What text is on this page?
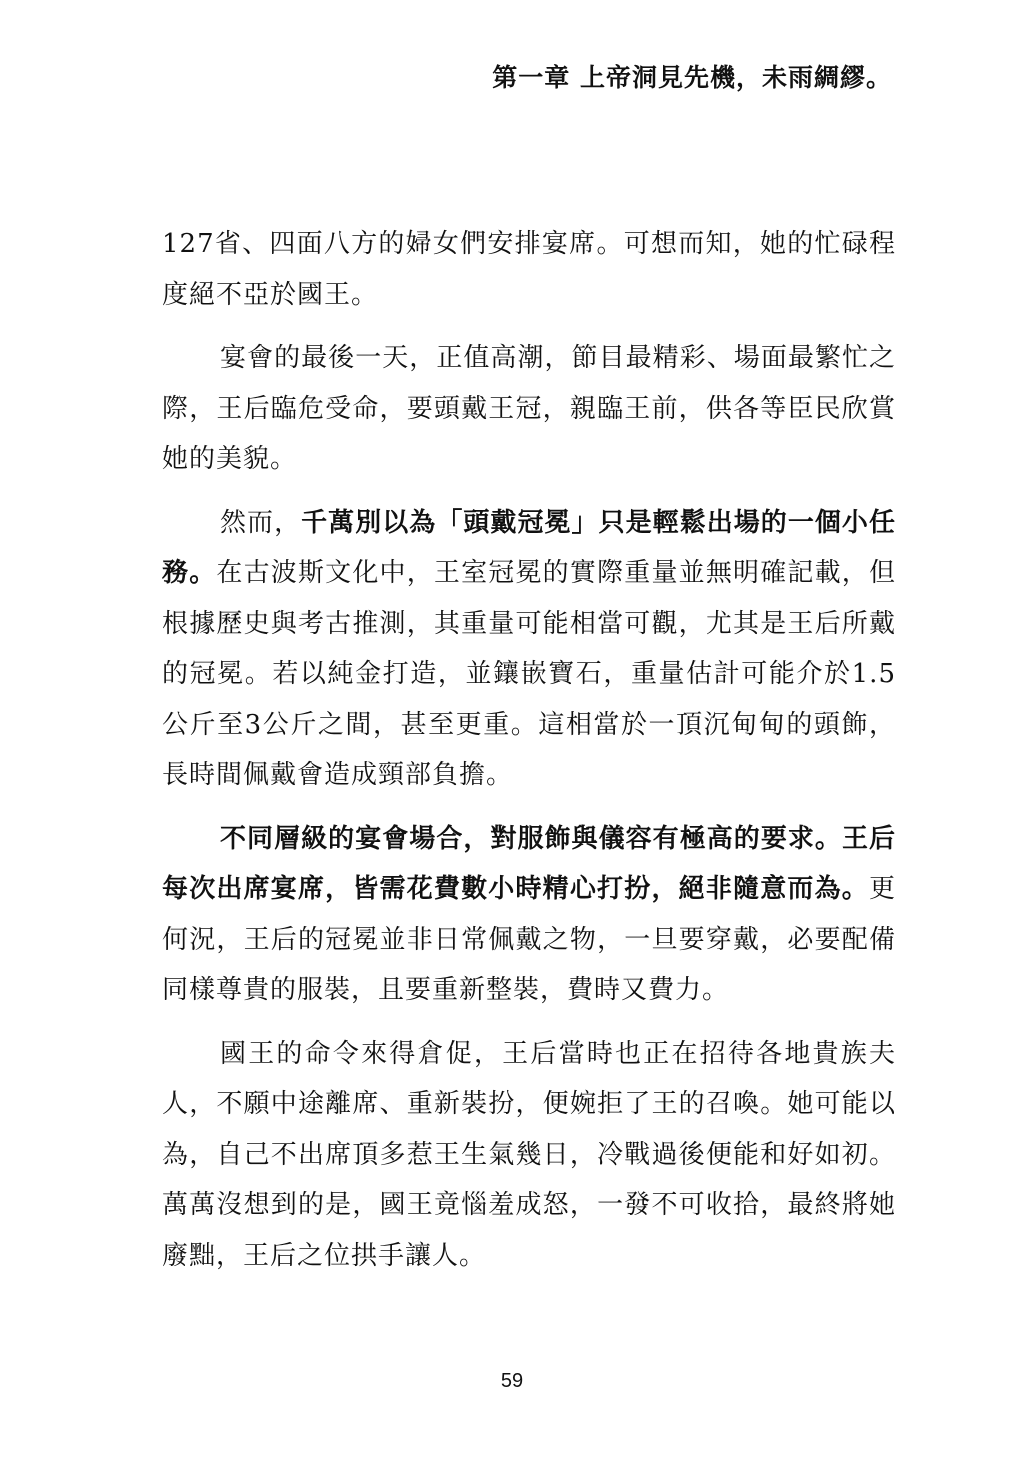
第一章 上帝洞見先機，未雨綢繆。

127省、四面八方的婦女們安排宴席。可想而知，她的忙碌程度絕不亞於國王。

宴會的最後一天，正值高潮，節目最精彩、場面最繁忙之際，王后臨危受命，要頭戴王冠，親臨王前，供各等臣民欣賞她的美貌。

然而，千萬別以為「頭戴冠冕」只是輕鬆出場的一個小任務。在古波斯文化中，王室冠冕的實際重量並無明確記載，但根據歷史與考古推測，其重量可能相當可觀，尤其是王后所戴的冠冕。若以純金打造，並鑲嵌寶石，重量估計可能介於1.5公斤至3公斤之間，甚至更重。這相當於一頂沉甸甸的頭飾，長時間佩戴會造成頸部負擔。

不同層級的宴會場合，對服飾與儀容有極高的要求。王后每次出席宴席，皆需花費數小時精心打扮，絕非隨意而為。更何況，王后的冠冕並非日常佩戴之物，一旦要穿戴，必要配備同樣尊貴的服裝，且要重新整裝，費時又費力。

國王的命令來得倉促，王后當時也正在招待各地貴族夫人，不願中途離席、重新裝扮，便婉拒了王的召喚。她可能以為，自己不出席頂多惹王生氣幾日，冷戰過後便能和好如初。萬萬沒想到的是，國王竟惱羞成怒，一發不可收拾，最終將她廢黜，王后之位拱手讓人。

59
